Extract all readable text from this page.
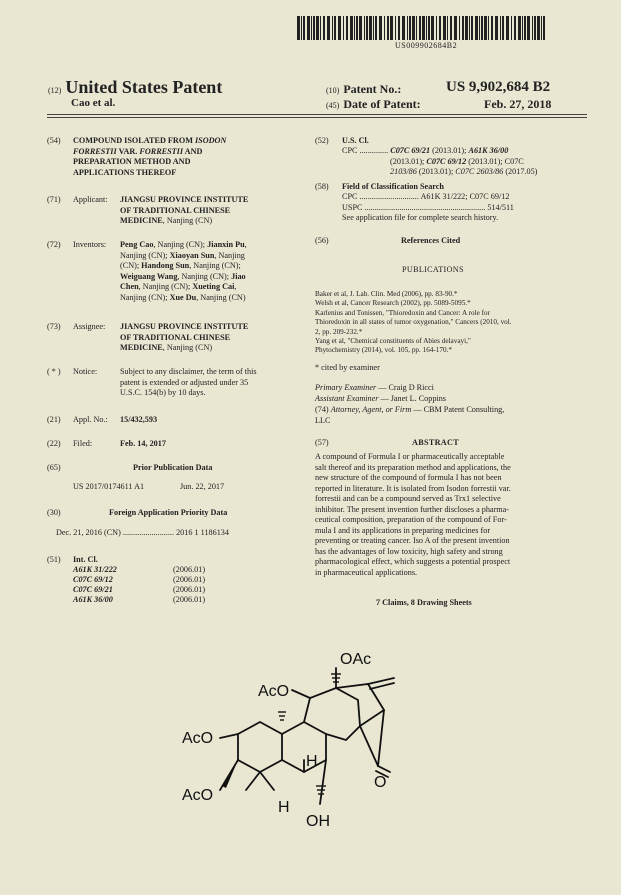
US009902684B2
(12) United States Patent
Cao et al.
(10) Patent No.:	US 9,902,684 B2
(45) Date of Patent:	Feb. 27, 2018
(54) COMPOUND ISOLATED FROM ISODON
FORRESTII VAR. FORRESTII AND
PREPARATION METHOD AND
APPLICATIONS THEREOF
(71) Applicant: JIANGSU PROVINCE INSTITUTE
OF TRADITIONAL CHINESE
MEDICINE, Nanjing (CN)
(72) Inventors: Peng Cao, Nanjing (CN); Jianxin Pu,
Nanjing (CN); Xiaoyan Sun, Nanjing
(CN); Handong Sun, Nanjing (CN);
Weiguang Wang, Nanjing (CN); Jiao
Chen, Nanjing (CN); Xueting Cai,
Nanjing (CN); Xue Du, Nanjing (CN)
(73) Assignee: JIANGSU PROVINCE INSTITUTE
OF TRADITIONAL CHINESE
MEDICINE, Nanjing (CN)
( * ) Notice:	Subject to any disclaimer, the term of this
patent is extended or adjusted under 35
U.S.C. 154(b) by 10 days.
(21) Appl. No.: 15/432,593
(22) Filed:	Feb. 14, 2017
(65)	Prior Publication Data
US 2017/0174611 A1	Jun. 22, 2017
(30)	Foreign Application Priority Data
Dec. 21, 2016 (CN) ......................... 2016 1 1186134
(51) Int. Cl.
A61K 31/222	(2006.01)
C07C 69/12	(2006.01)
C07C 69/21	(2006.01)
A61K 36/00	(2006.01)
(52) U.S. Cl.
CPC .............. C07C 69/21 (2013.01); A61K 36/00
(2013.01); C07C 69/12 (2013.01); C07C
2103/86 (2013.01); C07C 2603/86 (2017.05)
(58) Field of Classification Search
CPC ............................. A61K 31/222; C07C 69/12
USPC ........................................................... 514/511
See application file for complete search history.
(56)	References Cited
PUBLICATIONS
Baker et al, J. Lab. Clin. Med (2006), pp. 83-90.*
Welsh et al, Cancer Research (2002), pp. 5089-5095.*
Karlenius and Tonissen, "Thioredoxin and Cancer: A role for
Thioredoxin in all states of tumor oxygenation," Cancers (2010, vol.
2, pp. 209-232.*
Yang et al, "Chemical constituents of Abies delavayi,"
Phytochemistry (2014), vol. 105, pp. 164-170.*
* cited by examiner
Primary Examiner — Craig D Ricci
Assistant Examiner — Janet L. Coppins
(74) Attorney, Agent, or Firm — CBM Patent Consulting,
LLC
(57)	ABSTRACT
A compound of Formula I or pharmaceutically acceptable
salt thereof and its preparation method and applications, the
new structure of the compound of formula I has not been
reported in literature. It is isolated from Isodon forrestii var.
forrestii and can be a compound served as Trx1 selective
inhibitor. The present invention further discloses a pharma-
ceutical composition, preparation of the compound of For-
mula I and its applications in preparing medicines for
preventing or treating cancer. Iso A of the present invention
has the advantages of low toxicity, high safety and strong
pharmacological effect, which suggests a potential prospect
in pharmaceutical applications.
7 Claims, 8 Drawing Sheets
OAc
AcO
AcO
AcO
H
H
O
OH
